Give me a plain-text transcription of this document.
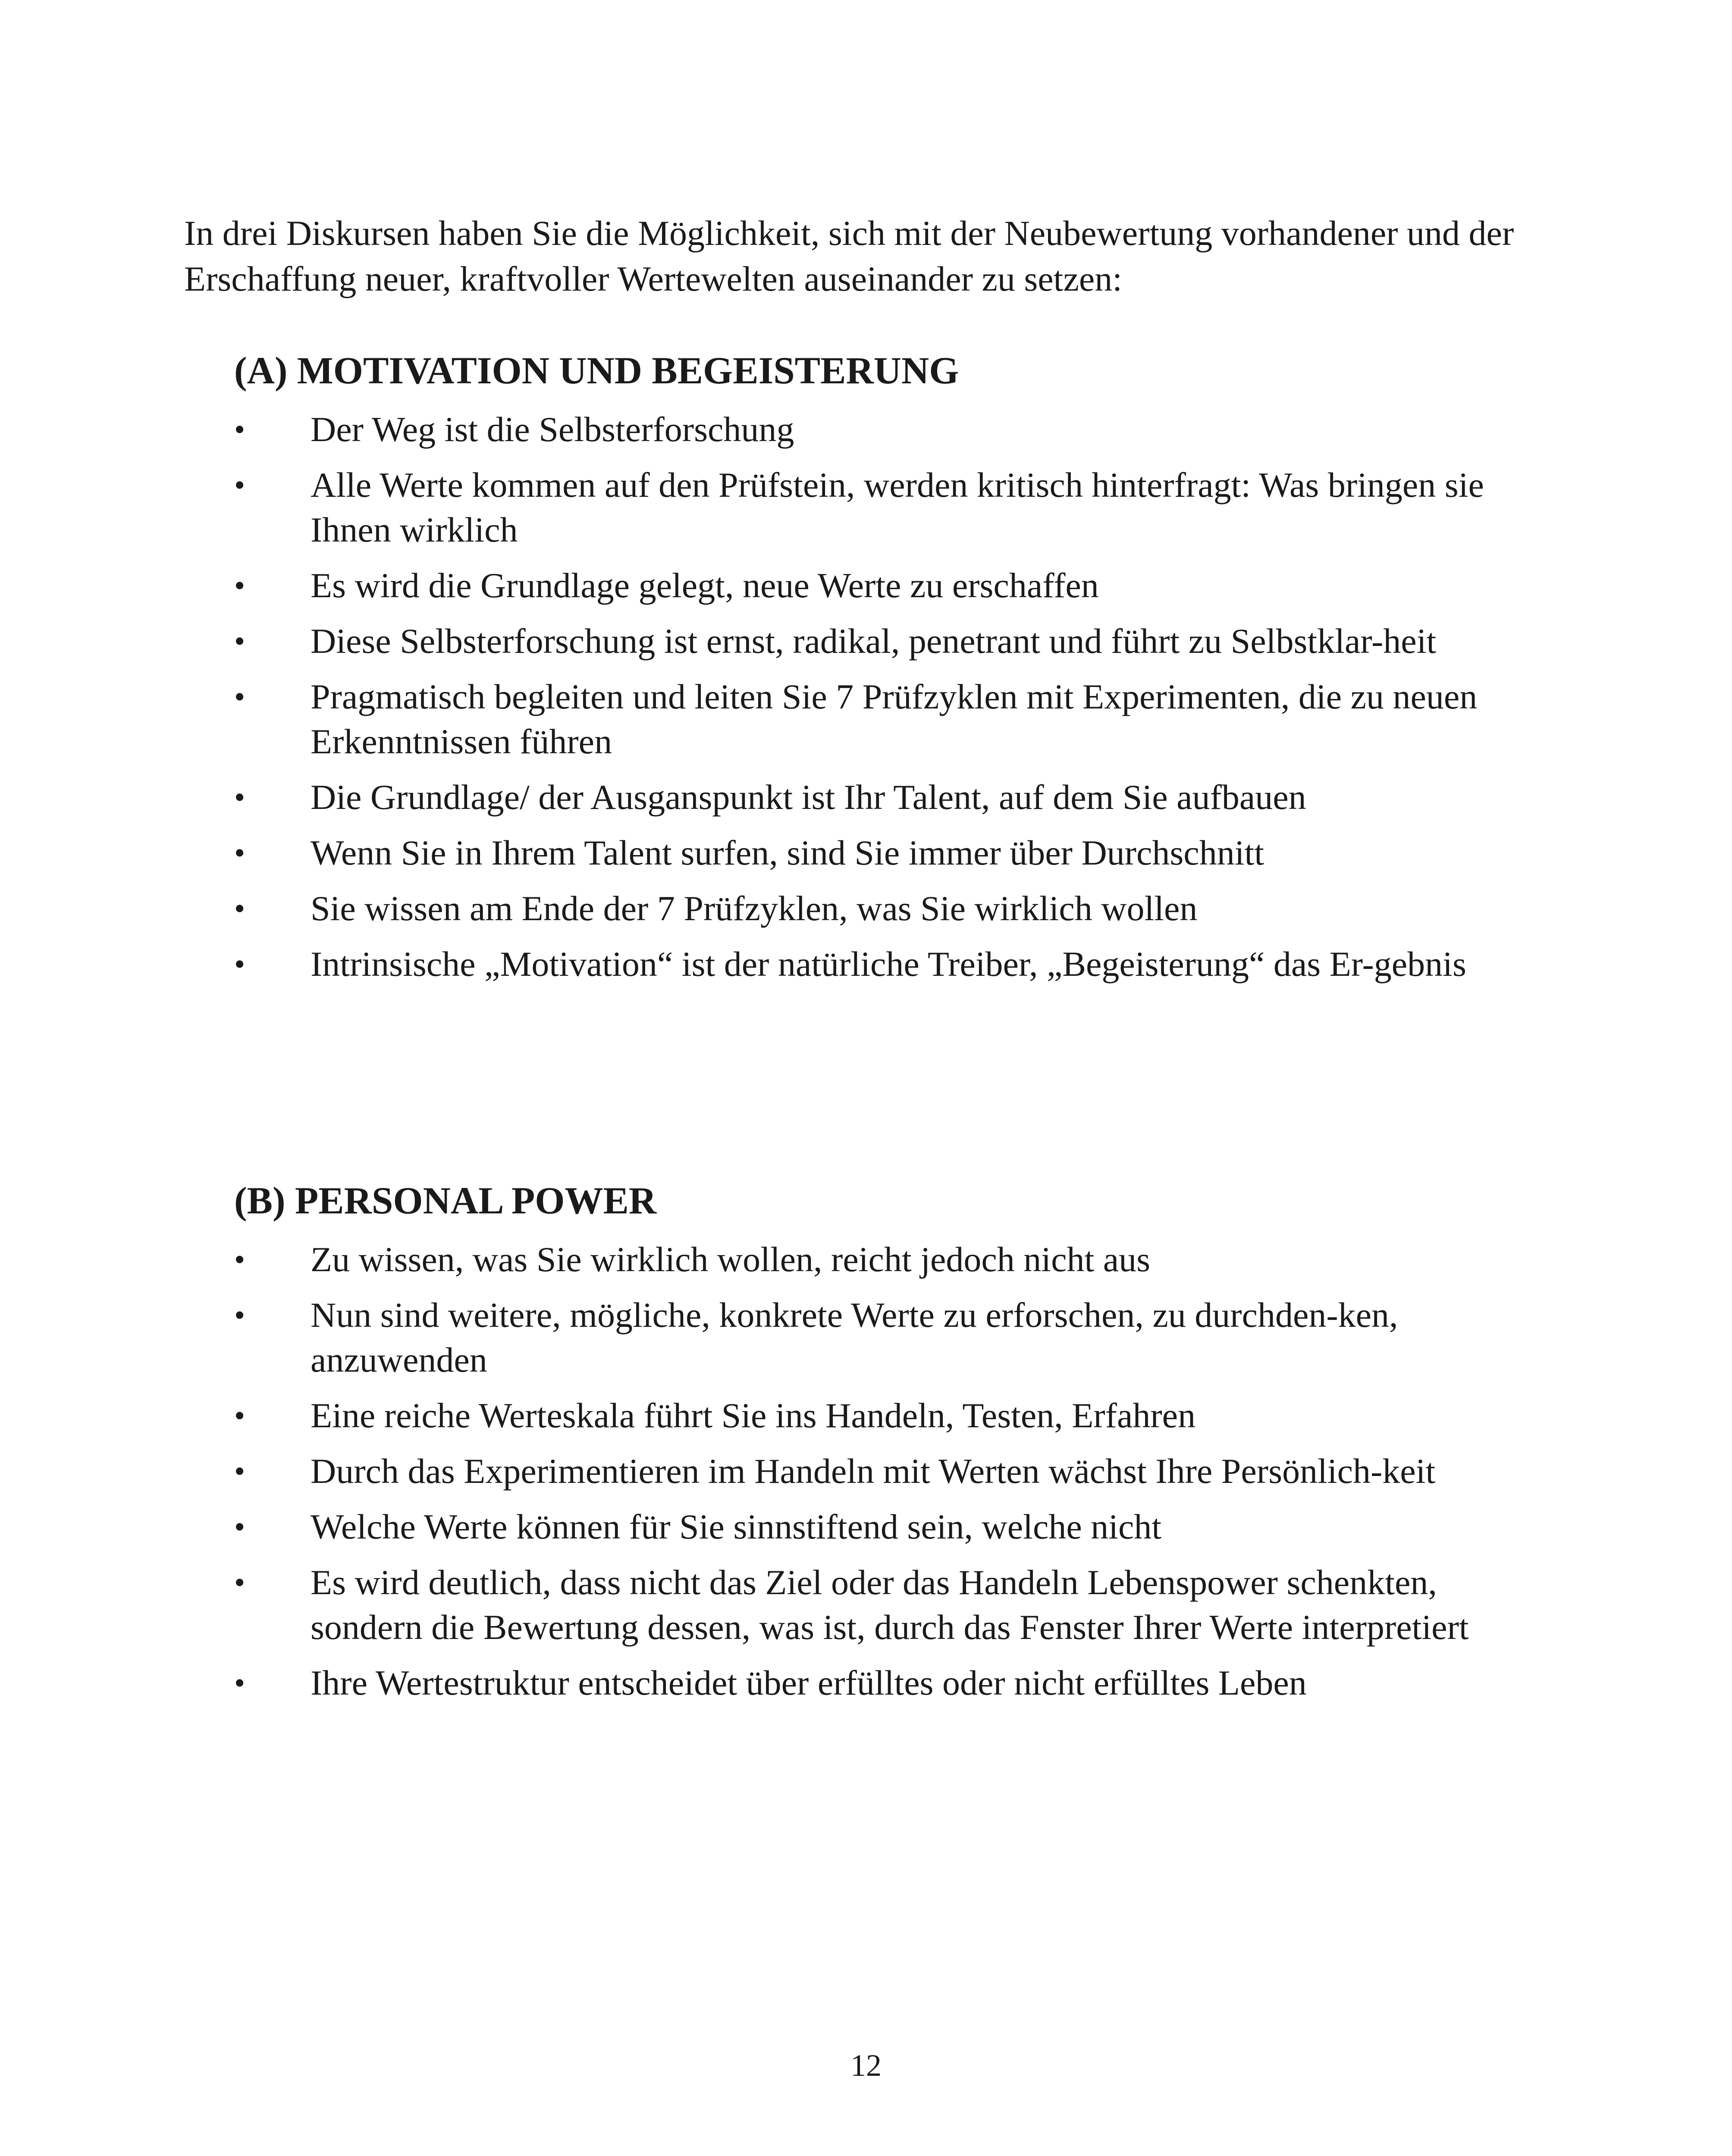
In drei Diskursen haben Sie die Möglichkeit, sich mit der Neubewertung vorhandener und der Erschaffung neuer, kraftvoller Wertewelten auseinander zu setzen:

(A) MOTIVATION UND BEGEISTERUNG
•	Der Weg ist die Selbsterforschung
•	Alle Werte kommen auf den Prüfstein, werden kritisch hinterfragt: Was bringen sie Ihnen wirklich
•	Es wird die Grundlage gelegt, neue Werte zu erschaffen
•	Diese Selbsterforschung ist ernst, radikal, penetrant und führt zu Selbstklar-heit
•	Pragmatisch begleiten und leiten Sie 7 Prüfzyklen mit Experimenten, die zu neuen Erkenntnissen führen
•	Die Grundlage/ der Ausganspunkt ist Ihr Talent, auf dem Sie aufbauen
•	Wenn Sie in Ihrem Talent surfen, sind Sie immer über Durchschnitt
•	Sie wissen am Ende der 7 Prüfzyklen, was Sie wirklich wollen
•	Intrinsische „Motivation“ ist der natürliche Treiber, „Begeisterung“ das Er-gebnis
(B) PERSONAL POWER
•	Zu wissen, was Sie wirklich wollen, reicht jedoch nicht aus
•	Nun sind weitere, mögliche, konkrete Werte zu erforschen, zu durchden-ken, anzuwenden
•	Eine reiche Werteskala führt Sie ins Handeln, Testen, Erfahren
•	Durch das Experimentieren im Handeln mit Werten wächst Ihre Persönlich-keit
•	Welche Werte können für Sie sinnstiftend sein, welche nicht
•	Es wird deutlich, dass nicht das Ziel oder das Handeln Lebenspower schenkten, sondern die Bewertung dessen, was ist, durch das Fenster Ihrer Werte interpretiert
•	Ihre Wertestruktur entscheidet über erfülltes oder nicht erfülltes Leben
12
